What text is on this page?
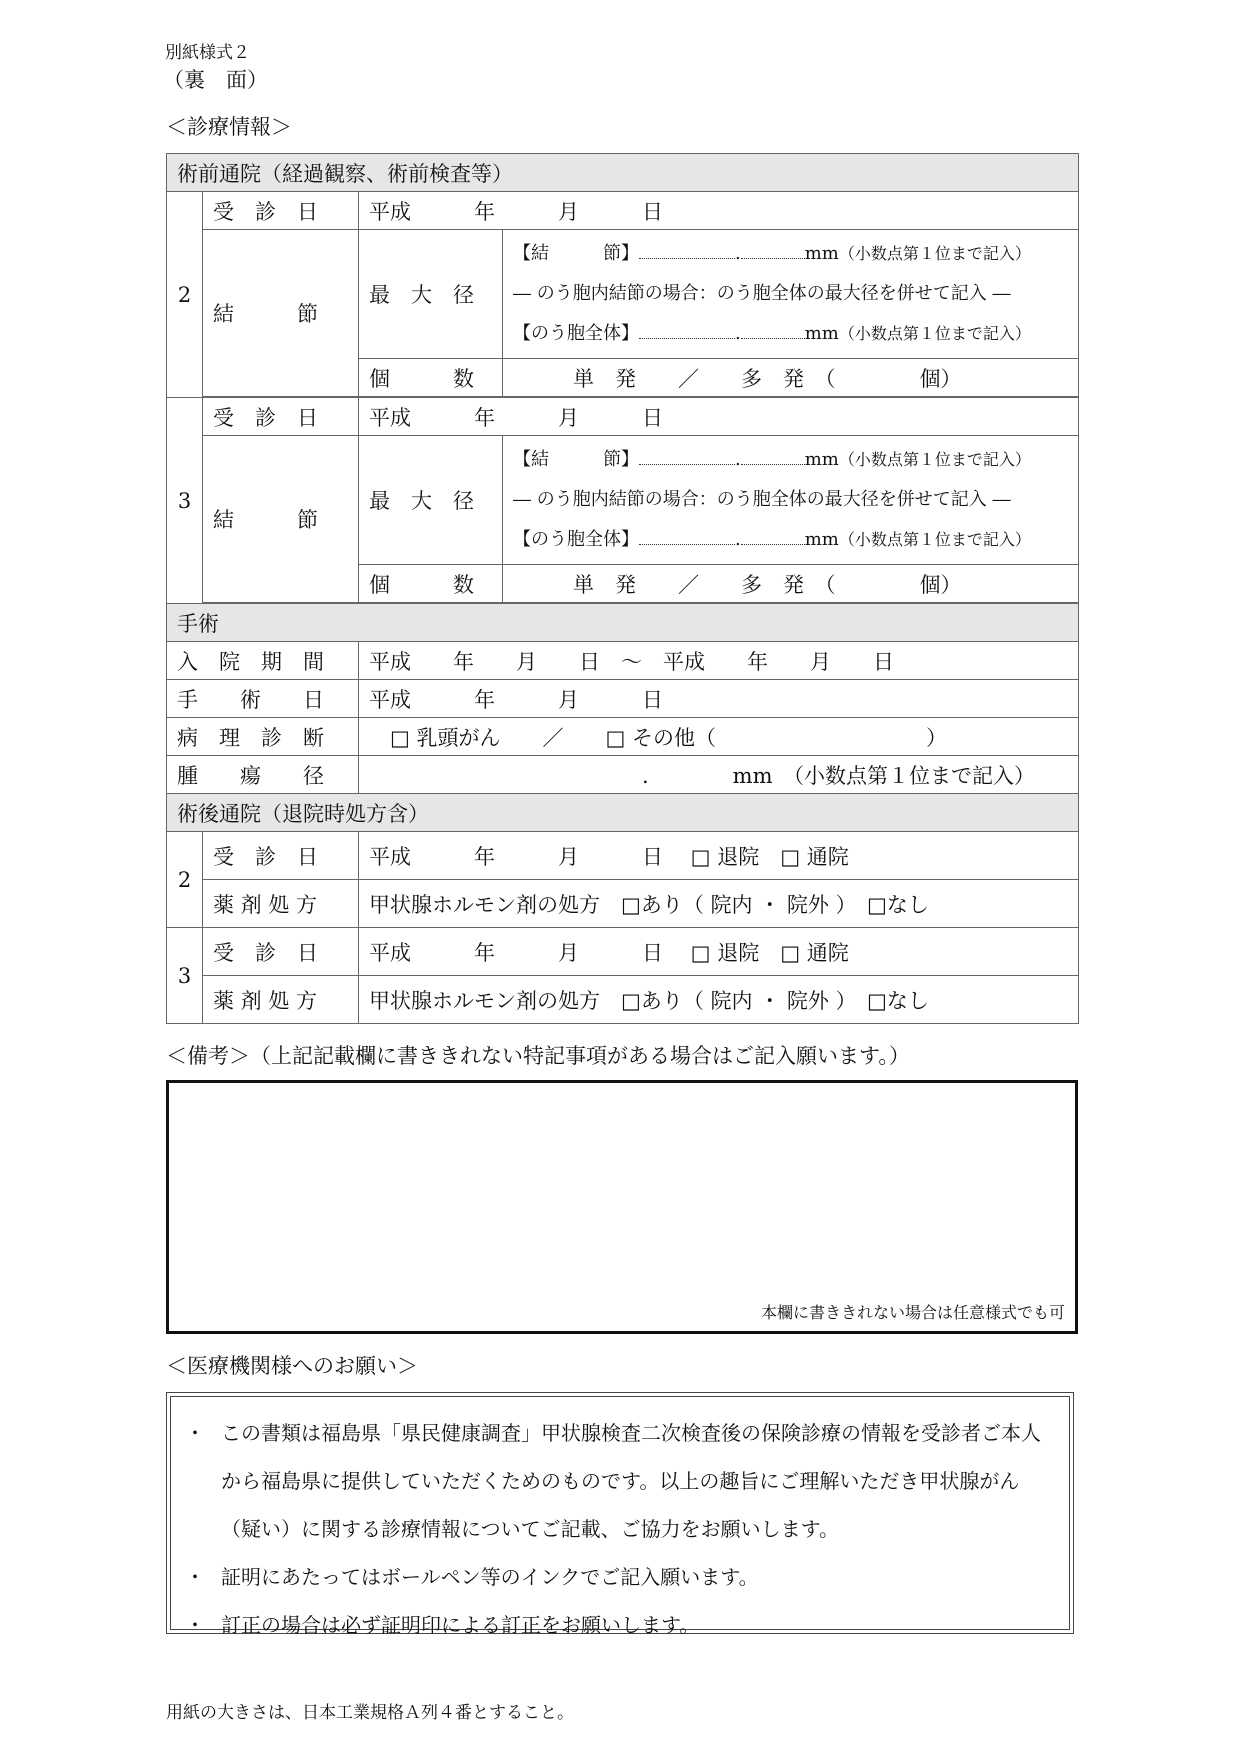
別紙様式２
（裏　面）
＜診療情報＞
術前通院（経過観察、術前検査等）			
2	受　診　日	平成　　　年　　　月　　　日	
	結　　　節	最　大　径	【結　　　節】 . mm（小数点第１位まで記入）
― のう胞内結節の場合：のう胞全体の最大径を併せて記入 ―
【のう胞全体】 . mm（小数点第１位まで記入）

		個　　　数	単　発　　／　　多　発　（　　　　個）

3	受　診　日	平成　　　年　　　月　　　日	
	結　　　節	最　大　径	【結　　　節】 . mm（小数点第１位まで記入）
― のう胞内結節の場合：のう胞全体の最大径を併せて記入 ―
【のう胞全体】 . mm（小数点第１位まで記入）

		個　　　数	単　発　　／　　多　発　（　　　　個）

手術			
入　院　期　間		平成　　年　　月　　日　～　平成　　年　　月　　日	
手　　術　　日		平成　　　年　　　月　　　日	
病　理　診　断		　□ 乳頭がん　　／　　□ その他（　　　　　　　　　　）	
腫　　瘍　　径		　　　　　　　　　　　　　.　　　　mm　（小数点第１位まで記入）	
術後通院（退院時処方含）			
2	受　診　日	平成　　　年　　　月　　　日　 □ 退院　□ 通院	
	薬 剤 処 方	甲状腺ホルモン剤の処方　□あり（ 院内 ・ 院外 ）　□なし	
3	受　診　日	平成　　　年　　　月　　　日　 □ 退院　□ 通院	
	薬 剤 処 方	甲状腺ホルモン剤の処方　□あり（ 院内 ・ 院外 ）　□なし	
＜備考＞（上記記載欄に書ききれない特記事項がある場合はご記入願います。）
本欄に書ききれない場合は任意様式でも可
＜医療機関様へのお願い＞
・ この書類は福島県「県民健康調査」甲状腺検査二次検査後の保険診療の情報を受診者ご本人から福島県に提供していただくためのものです。以上の趣旨にご理解いただき甲状腺がん（疑い）に関する診療情報についてご記載、ご協力をお願いします。
・ 証明にあたってはボールペン等のインクでご記入願います。
・ 訂正の場合は必ず証明印による訂正をお願いします。
用紙の大きさは、日本工業規格Ａ列４番とすること。
